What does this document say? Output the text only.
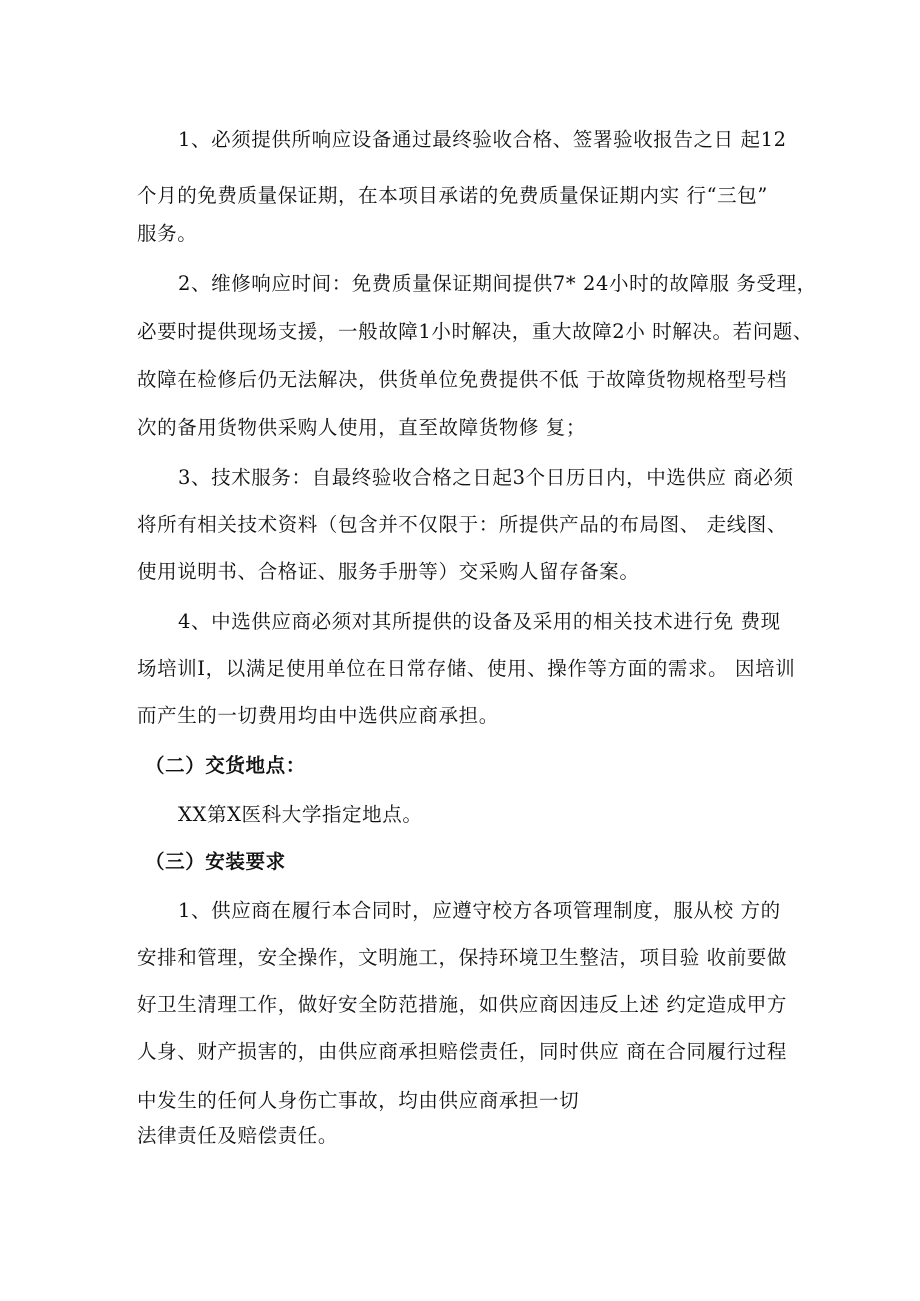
1、必须提供所响应设备通过最终验收合格、签署验收报告之日 起12
个月的免费质量保证期，在本项目承诺的免费质量保证期内实 行“三包”
服务。
2、维修响应时间：免费质量保证期间提供7* 24小时的故障服 务受理，
必要时提供现场支援，一般故障1小时解决，重大故障2小 时解决。若问题、
故障在检修后仍无法解决，供货单位免费提供不低 于故障货物规格型号档
次的备用货物供采购人使用，直至故障货物修 复；
3、技术服务：自最终验收合格之日起3个日历日内，中选供应 商必须
将所有相关技术资料（包含并不仅限于：所提供产品的布局图、 走线图、
使用说明书、合格证、服务手册等）交采购人留存备案。
4、中选供应商必须对其所提供的设备及采用的相关技术进行免 费现
场培训I，以满足使用单位在日常存储、使用、操作等方面的需求。 因培训
而产生的一切费用均由中选供应商承担。
（二）交货地点：
XX第X医科大学指定地点。
（三）安装要求
1、供应商在履行本合同时，应遵守校方各项管理制度，服从校 方的
安排和管理，安全操作，文明施工，保持环境卫生整洁，项目验 收前要做
好卫生清理工作，做好安全防范措施，如供应商因违反上述 约定造成甲方
人身、财产损害的，由供应商承担赔偿责任，同时供应 商在合同履行过程
中发生的任何人身伤亡事故，均由供应商承担一切
法律责任及赔偿责任。
